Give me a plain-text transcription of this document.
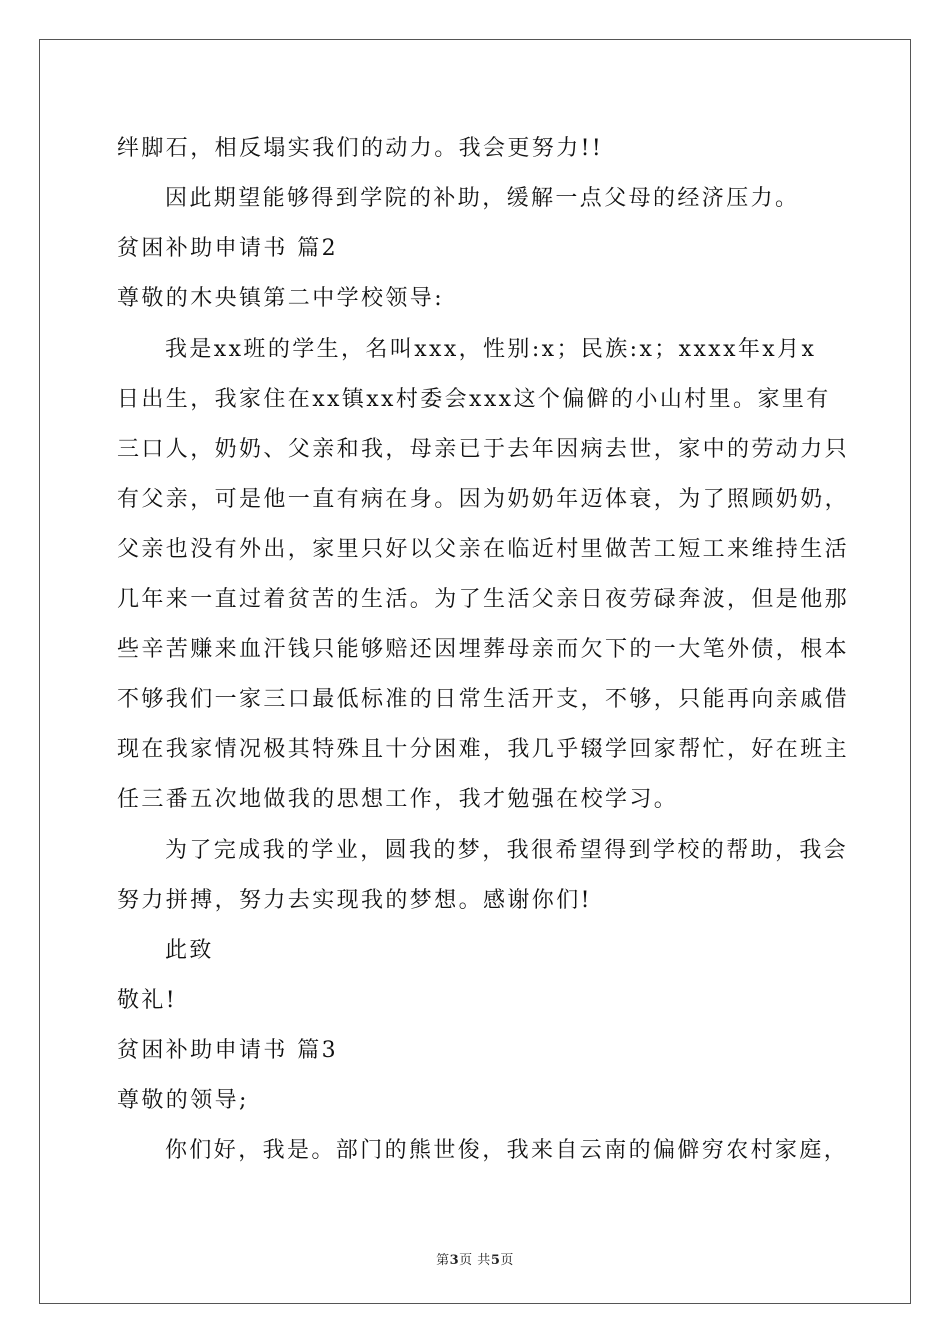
绊脚石，相反塌实我们的动力。我会更努力!!
因此期望能够得到学院的补助，缓解一点父母的经济压力。
贫困补助申请书 篇2
尊敬的木央镇第二中学校领导:
我是xx班的学生，名叫xxx，性别:x；民族:x；xxxx年x月x
日出生，我家住在xx镇xx村委会xxx这个偏僻的小山村里。家里有
三口人，奶奶、父亲和我，母亲已于去年因病去世，家中的劳动力只
有父亲，可是他一直有病在身。因为奶奶年迈体衰，为了照顾奶奶，
父亲也没有外出，家里只好以父亲在临近村里做苦工短工来维持生活
几年来一直过着贫苦的生活。为了生活父亲日夜劳碌奔波，但是他那
些辛苦赚来血汗钱只能够赔还因埋葬母亲而欠下的一大笔外债，根本
不够我们一家三口最低标准的日常生活开支，不够，只能再向亲戚借
现在我家情况极其特殊且十分困难，我几乎辍学回家帮忙，好在班主
任三番五次地做我的思想工作，我才勉强在校学习。
为了完成我的学业，圆我的梦，我很希望得到学校的帮助，我会
努力拼搏，努力去实现我的梦想。感谢你们!
此致
敬礼!
贫困补助申请书 篇3
尊敬的领导;
你们好，我是。部门的熊世俊，我来自云南的偏僻穷农村家庭，
第3页 共5页
